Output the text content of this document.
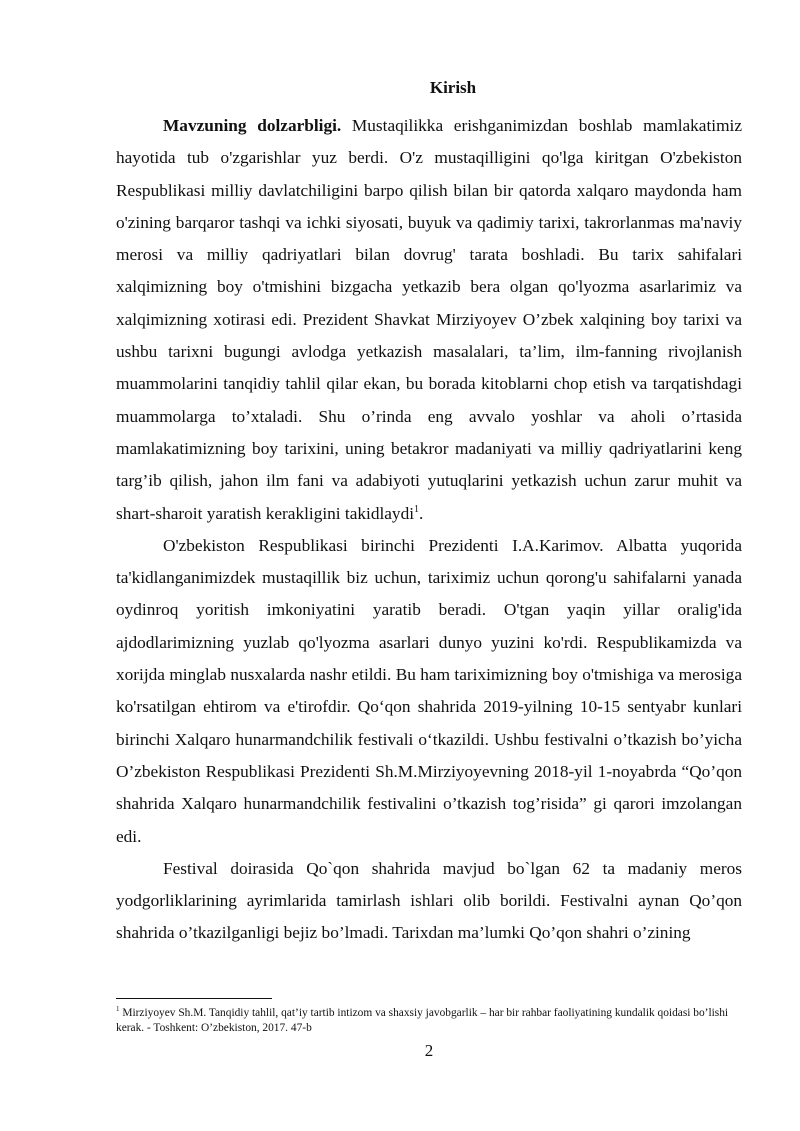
Kirish

Mavzuning dolzarbligi. Mustaqilikka erishganimizdan boshlab mamlakatimiz hayotida tub o'zgarishlar yuz berdi. O'z mustaqilligini qo'lga kiritgan O'zbekiston Respublikasi milliy davlatchiligini barpo qilish bilan bir qatorda xalqaro maydonda ham o'zining barqaror tashqi va ichki siyosati, buyuk va qadimiy tarixi, takrorlanmas ma'naviy merosi va milliy qadriyatlari bilan dovrug' tarata boshladi. Bu tarix sahifalari xalqimizning boy o'tmishini bizgacha yetkazib bera olgan qo'lyozma asarlarimiz va xalqimizning xotirasi edi. Prezident Shavkat Mirziyoyev O’zbek xalqining boy tarixi va ushbu tarixni bugungi avlodga yetkazish masalalari, ta’lim, ilm-fanning rivojlanish muammolarini tanqidiy tahlil qilar ekan, bu borada kitoblarni chop etish va tarqatishdagi muammolarga to’xtaladi. Shu o’rinda eng avvalo yoshlar va aholi o’rtasida mamlakatimizning boy tarixini, uning betakror madaniyati va milliy qadriyatlarini keng targ’ib qilish, jahon ilm fani va adabiyoti yutuqlarini yetkazish uchun zarur muhit va shart-sharoit yaratish kerakligini takidlaydi$^1$.

O'zbekiston Respublikasi birinchi Prezidenti I.A.Karimov. Albatta yuqorida ta'kidlanganimizdek mustaqillik biz uchun, tariximiz uchun qorong'u sahifalarni yanada oydinroq yoritish imkoniyatini yaratib beradi. O'tgan yaqin yillar oralig'ida ajdodlarimizning yuzlab qo'lyozma asarlari dunyo yuzini ko'rdi. Respublikamizda va xorijda minglab nusxalarda nashr etildi. Bu ham tariximizning boy o'tmishiga va merosiga ko'rsatilgan ehtirom va e'tirofdir. Qo‘qon shahrida 2019-yilning 10-15 sentyabr kunlari birinchi Xalqaro hunarmandchilik festivali o‘tkazildi. Ushbu festivalni o’tkazish bo’yicha O’zbekiston Respublikasi Prezidenti Sh.M.Mirziyoyevning 2018-yil 1-noyabrda “Qo’qon shahrida Xalqaro hunarmandchilik festivalini o’tkazish tog’risida” gi qarori imzolangan edi.

Festival doirasida Qo`qon shahrida mavjud bo`lgan 62 ta madaniy meros yodgorliklarining ayrimlarida tamirlash ishlari olib borildi. Festivalni aynan Qo’qon shahrida o’tkazilganligi bejiz bo’lmadi. Tarixdan ma’lumki Qo’qon shahri o’zining

$^1$ Mirziyoyev Sh.M. Tanqidiy tahlil, qat’iy tartib intizom va shaxsiy javobgarlik – har bir rahbar faoliyatining kundalik qoidasi bo’lishi kerak. - Toshkent: O’zbekiston, 2017. 47-b
2
